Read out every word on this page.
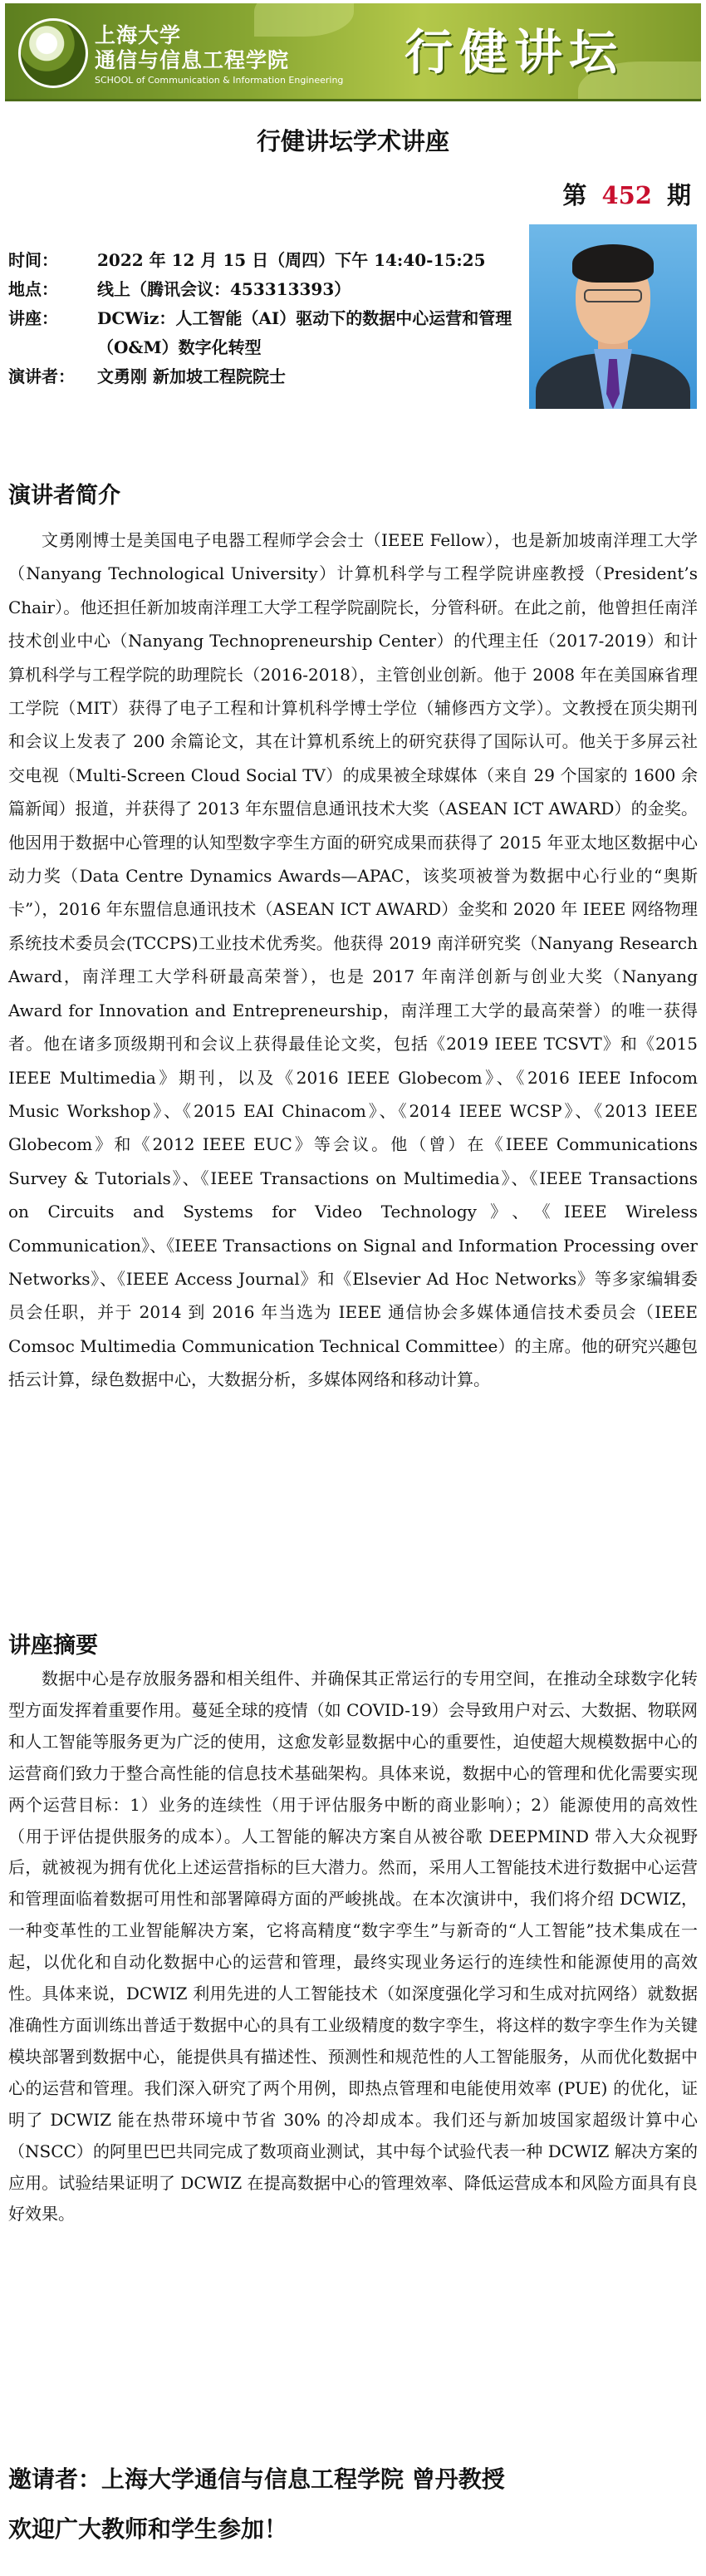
上海大学
通信与信息工程学院
SCHOOL of Communication & Information Engineering	行健讲坛
行健讲坛学术讲座
第 452 期
时间：	2022 年 12 月 15 日（周四）下午 14:40-15:25
地点：	线上（腾讯会议：453313393）
讲座：	DCWiz：人工智能（AI）驱动下的数据中心运营和管理（O&M）数字化转型
演讲者：	文勇刚 新加坡工程院院士
演讲者简介

文勇刚博士是美国电子电器工程师学会会士（IEEE Fellow），也是新加坡南洋理工大学（Nanyang Technological University）计算机科学与工程学院讲座教授（President’s Chair）。他还担任新加坡南洋理工大学工程学院副院长，分管科研。在此之前，他曾担任南洋技术创业中心（Nanyang Technopreneurship Center）的代理主任（2017-2019）和计算机科学与工程学院的助理院长（2016-2018），主管创业创新。他于 2008 年在美国麻省理工学院（MIT）获得了电子工程和计算机科学博士学位（辅修西方文学）。文教授在顶尖期刊和会议上发表了 200 余篇论文，其在计算机系统上的研究获得了国际认可。他关于多屏云社交电视（Multi-Screen Cloud Social TV）的成果被全球媒体（来自 29 个国家的 1600 余篇新闻）报道，并获得了 2013 年东盟信息通讯技术大奖（ASEAN ICT AWARD）的金奖。他因用于数据中心管理的认知型数字孪生方面的研究成果而获得了 2015 年亚太地区数据中心动力奖（Data Centre Dynamics Awards—APAC，该奖项被誉为数据中心行业的“奥斯卡”），2016 年东盟信息通讯技术（ASEAN ICT AWARD）金奖和 2020 年 IEEE 网络物理系统技术委员会(TCCPS)工业技术优秀奖。他获得 2019 南洋研究奖（Nanyang Research Award，南洋理工大学科研最高荣誉），也是 2017 年南洋创新与创业大奖（Nanyang Award for Innovation and Entrepreneurship，南洋理工大学的最高荣誉）的唯一获得者。他在诸多顶级期刊和会议上获得最佳论文奖，包括《2019 IEEE TCSVT》和《2015 IEEE Multimedia》期刊，以及《2016 IEEE Globecom》、《2016 IEEE Infocom Music Workshop》、《2015 EAI Chinacom》、《2014 IEEE WCSP》、《2013 IEEE Globecom》和《2012 IEEE EUC》等会议。他（曾）在《IEEE Communications Survey & Tutorials》、《IEEE Transactions on Multimedia》、《IEEE Transactions on Circuits and Systems for Video Technology》、《IEEE Wireless Communication》、《IEEE Transactions on Signal and Information Processing over Networks》、《IEEE Access Journal》和《Elsevier Ad Hoc Networks》等多家编辑委员会任职，并于 2014 到 2016 年当选为 IEEE 通信协会多媒体通信技术委员会（IEEE Comsoc Multimedia Communication Technical Committee）的主席。他的研究兴趣包括云计算，绿色数据中心，大数据分析，多媒体网络和移动计算。

讲座摘要

数据中心是存放服务器和相关组件、并确保其正常运行的专用空间，在推动全球数字化转型方面发挥着重要作用。蔓延全球的疫情（如 COVID-19）会导致用户对云、大数据、物联网和人工智能等服务更为广泛的使用，这愈发彰显数据中心的重要性，迫使超大规模数据中心的运营商们致力于整合高性能的信息技术基础架构。具体来说，数据中心的管理和优化需要实现两个运营目标：1）业务的连续性（用于评估服务中断的商业影响）；2）能源使用的高效性（用于评估提供服务的成本）。人工智能的解决方案自从被谷歌 DEEPMIND 带入大众视野后，就被视为拥有优化上述运营指标的巨大潜力。然而，采用人工智能技术进行数据中心运营和管理面临着数据可用性和部署障碍方面的严峻挑战。在本次演讲中，我们将介绍 DCWIZ，一种变革性的工业智能解决方案，它将高精度“数字孪生”与新奇的“人工智能”技术集成在一起，以优化和自动化数据中心的运营和管理，最终实现业务运行的连续性和能源使用的高效性。具体来说，DCWIZ 利用先进的人工智能技术（如深度强化学习和生成对抗网络）就数据准确性方面训练出普适于数据中心的具有工业级精度的数字孪生，将这样的数字孪生作为关键模块部署到数据中心，能提供具有描述性、预测性和规范性的人工智能服务，从而优化数据中心的运营和管理。我们深入研究了两个用例，即热点管理和电能使用效率 (PUE) 的优化，证明了 DCWIZ 能在热带环境中节省 30% 的冷却成本。我们还与新加坡国家超级计算中心（NSCC）的阿里巴巴共同完成了数项商业测试，其中每个试验代表一种 DCWIZ 解决方案的应用。试验结果证明了 DCWIZ 在提高数据中心的管理效率、降低运营成本和风险方面具有良好效果。

邀请者：上海大学通信与信息工程学院 曾丹教授
欢迎广大教师和学生参加！
